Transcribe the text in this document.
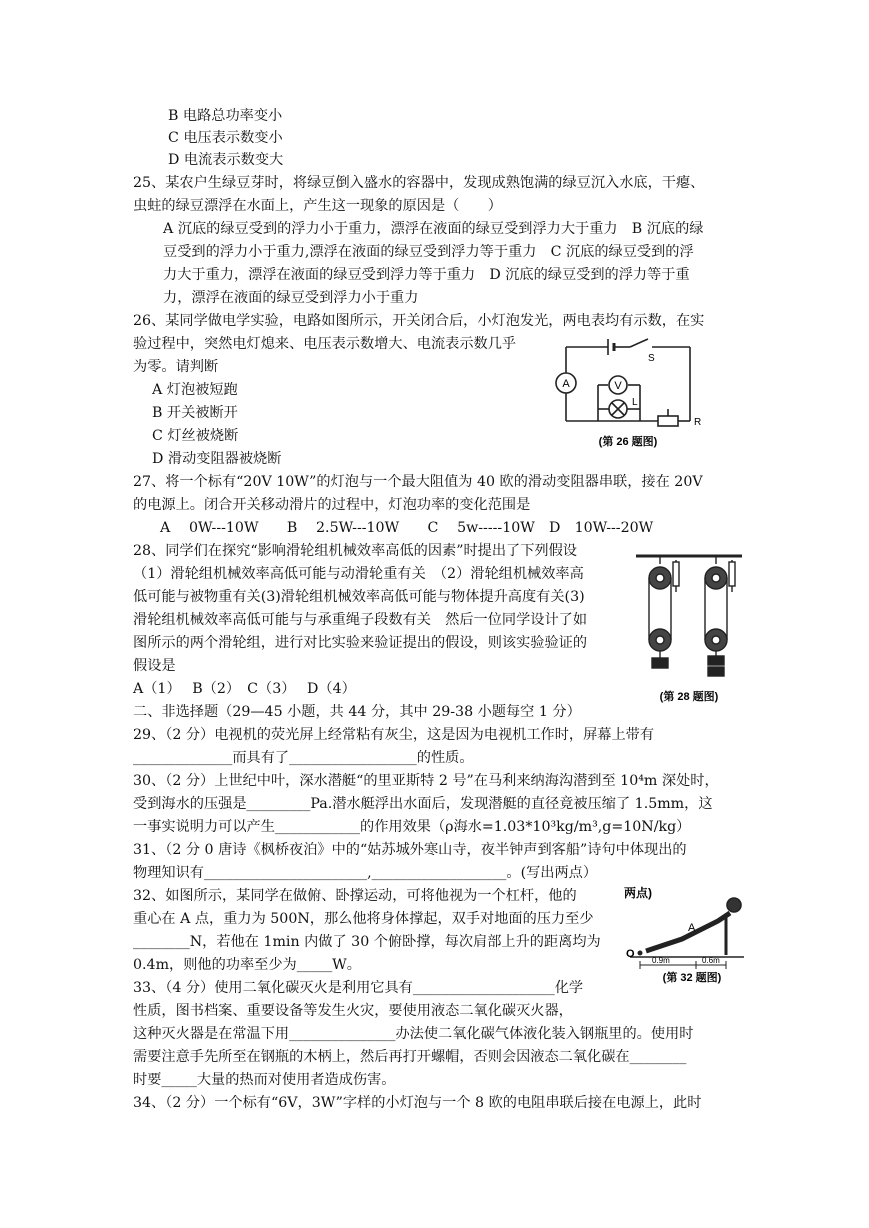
B 电路总功率变小
C 电压表示数变小
D 电流表示数变大
25、某农户生绿豆芽时，将绿豆倒入盛水的容器中，发现成熟饱满的绿豆沉入水底，干瘪、
虫蛀的绿豆漂浮在水面上，产生这一现象的原因是（　　）
A 沉底的绿豆受到的浮力小于重力，漂浮在液面的绿豆受到浮力大于重力　B 沉底的绿
豆受到的浮力小于重力,漂浮在液面的绿豆受到浮力等于重力　C 沉底的绿豆受到的浮
力大于重力，漂浮在液面的绿豆受到浮力等于重力　D 沉底的绿豆受到的浮力等于重
力，漂浮在液面的绿豆受到浮力小于重力
26、某同学做电学实验，电路如图所示，开关闭合后，小灯泡发光，两电表均有示数，在实
验过程中，突然电灯熄来、电压表示数增大、电流表示数几乎
为零。请判断
A 灯泡被短跑
B 开关被断开
C 灯丝被烧断
D 滑动变阻器被烧断
27、将一个标有“20V 10W”的灯泡与一个最大阻值为 40 欧的滑动变阻器串联，接在 20V
的电源上。闭合开关移动滑片的过程中，灯泡功率的变化范围是
A　 0W---10W　　B　 2.5W---10W　　C　 5w-----10W　D　10W---20W
28、同学们在探究“影响滑轮组机械效率高低的因素”时提出了下列假设
（1）滑轮组机械效率高低可能与动滑轮重有关　（2）滑轮组机械效率高
低可能与被物重有关(3)滑轮组机械效率高低可能与物体提升高度有关(3)
滑轮组机械效率高低可能与与承重绳子段数有关　然后一位同学设计了如
图所示的两个滑轮组，进行对比实验来验证提出的假设，则该实验验证的
假设是
A（1）　 B（2）　C（3）　 D（4）
二、非选择题（29—45 小题，共 44 分，其中 29-38 小题每空 1 分）
29、（2 分）电视机的荧光屏上经常粘有灰尘，这是因为电视机工作时，屏幕上带有
______________而具有了__________________的性质。
30、（2 分）上世纪中叶，深水潜艇“的里亚斯特 2 号”在马利来纳海沟潜到至 10⁴m 深处时，
受到海水的压强是_________Pa.潜水艇浮出水面后，发现潜艇的直径竟被压缩了 1.5mm，这
一事实说明力可以产生____________的作用效果（ρ海水=1.03*10³kg/m³,g=10N/kg）
31、（2 分 0 唐诗《枫桥夜泊》中的“姑苏城外寒山寺，夜半钟声到客船”诗句中体现出的
物理知识有_______________________,___________________。(写出两点）
32、如图所示，某同学在做俯、卧撑运动，可将他视为一个杠杆，他的
重心在 A 点，重力为 500N，那么他将身体撑起，双手对地面的压力至少
________N，若他在 1min 内做了 30 个俯卧撑，每次肩部上升的距离均为
0.4m，则他的功率至少为_____W。
33、（4 分）使用二氧化碳灭火是利用它具有____________________化学
性质，图书档案、重要设备等发生火灾，要使用液态二氧化碳灭火器，
这种灭火器是在常温下用_______________办法使二氧化碳气体液化装入钢瓶里的。使用时
需要注意手先所至在钢瓶的木柄上，然后再打开螺帽，否则会因液态二氧化碳在________
时要_____大量的热而对使用者造成伤害。
34、（2 分）一个标有“6V，3W”字样的小灯泡与一个 8 欧的电阻串联后接在电源上，此时
A	V
L
R
S
(第 26 题图)
(第 28 题图)
两点)
A
O
0.9m	0.6m
(第 32 题图)
